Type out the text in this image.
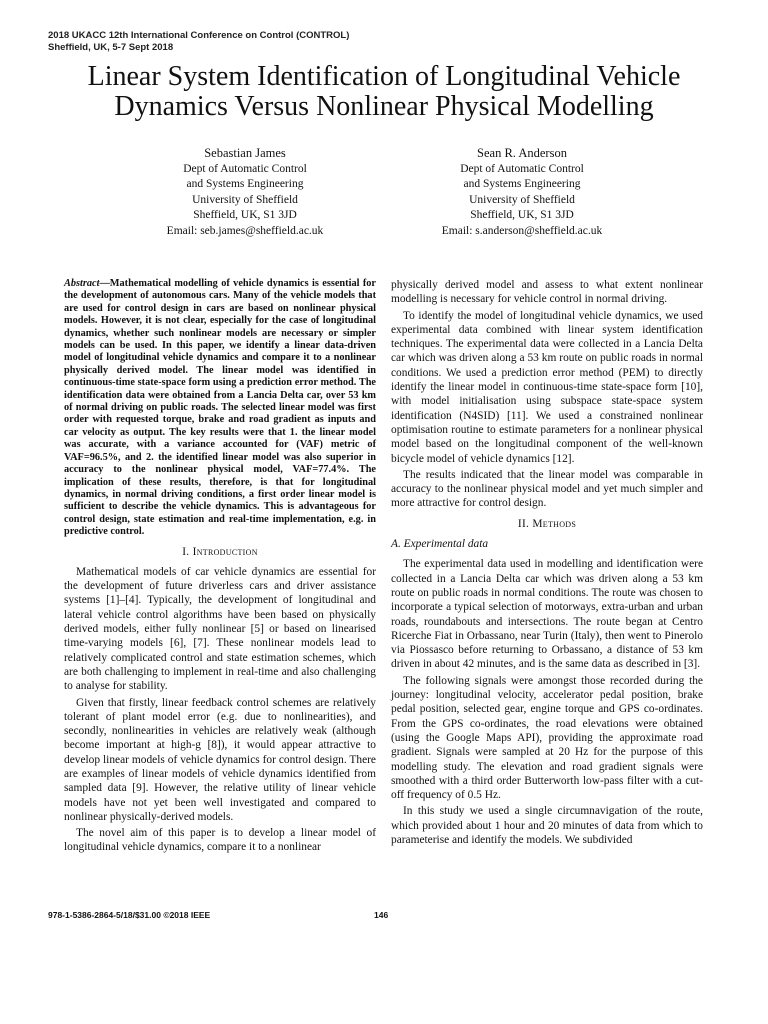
2018 UKACC 12th International Conference on Control (CONTROL)
Sheffield, UK, 5-7 Sept 2018
Linear System Identification of Longitudinal Vehicle
Dynamics Versus Nonlinear Physical Modelling
Sebastian James
Dept of Automatic Control
and Systems Engineering
University of Sheffield
Sheffield, UK, S1 3JD
Email: seb.james@sheffield.ac.uk
Sean R. Anderson
Dept of Automatic Control
and Systems Engineering
University of Sheffield
Sheffield, UK, S1 3JD
Email: s.anderson@sheffield.ac.uk

Abstract—Mathematical modelling of vehicle dynamics is essential for the development of autonomous cars. Many of the vehicle models that are used for control design in cars are based on nonlinear physical models. However, it is not clear, especially for the case of longitudinal dynamics, whether such nonlinear models are necessary or simpler models can be used. In this paper, we identify a linear data-driven model of longitudinal vehicle dynamics and compare it to a nonlinear physically derived model. The linear model was identified in continuous-time state-space form using a prediction error method. The identification data were obtained from a Lancia Delta car, over 53 km of normal driving on public roads. The selected linear model was first order with requested torque, brake and road gradient as inputs and car velocity as output. The key results were that 1. the linear model was accurate, with a variance accounted for (VAF) metric of VAF=96.5%, and 2. the identified linear model was also superior in accuracy to the nonlinear physical model, VAF=77.4%. The implication of these results, therefore, is that for longitudinal dynamics, in normal driving conditions, a first order linear model is sufficient to describe the vehicle dynamics. This is advantageous for control design, state estimation and real-time implementation, e.g. in predictive control.

I. Introduction

Mathematical models of car vehicle dynamics are essential for the development of future driverless cars and driver assistance systems [1]–[4]. Typically, the development of longitudinal and lateral vehicle control algorithms have been based on physically derived models, either fully nonlinear [5] or based on linearised time-varying models [6], [7]. These nonlinear models lead to relatively complicated control and state estimation schemes, which are both challenging to implement in real-time and also challenging to analyse for stability.

Given that firstly, linear feedback control schemes are relatively tolerant of plant model error (e.g. due to nonlinearities), and secondly, nonlinearities in vehicles are relatively weak (although become important at high-g [8]), it would appear attractive to develop linear models of vehicle dynamics for control design. There are examples of linear models of vehicle dynamics identified from sampled data [9]. However, the relative utility of linear vehicle models have not yet been well investigated and compared to nonlinear physically-derived models.

The novel aim of this paper is to develop a linear model of longitudinal vehicle dynamics, compare it to a nonlinear

physically derived model and assess to what extent nonlinear modelling is necessary for vehicle control in normal driving.

To identify the model of longitudinal vehicle dynamics, we used experimental data combined with linear system identification techniques. The experimental data were collected in a Lancia Delta car which was driven along a 53 km route on public roads in normal conditions. We used a prediction error method (PEM) to directly identify the linear model in continuous-time state-space form [10], with model initialisation using subspace state-space system identification (N4SID) [11]. We used a constrained nonlinear optimisation routine to estimate parameters for a nonlinear physical model based on the longitudinal component of the well-known bicycle model of vehicle dynamics [12].

The results indicated that the linear model was comparable in accuracy to the nonlinear physical model and yet much simpler and more attractive for control design.

II. Methods
A. Experimental data

The experimental data used in modelling and identification were collected in a Lancia Delta car which was driven along a 53 km route on public roads in normal conditions. The route was chosen to incorporate a typical selection of motorways, extra-urban and urban roads, roundabouts and intersections. The route began at Centro Ricerche Fiat in Orbassano, near Turin (Italy), then went to Pinerolo via Piossasco before returning to Orbassano, a distance of 53 km driven in about 42 minutes, and is the same data as described in [3].

The following signals were amongst those recorded during the journey: longitudinal velocity, accelerator pedal position, brake pedal position, selected gear, engine torque and GPS co-ordinates. From the GPS co-ordinates, the road elevations were obtained (using the Google Maps API), providing the approximate road gradient. Signals were sampled at 20 Hz for the purpose of this modelling study. The elevation and road gradient signals were smoothed with a third order Butterworth low-pass filter with a cut-off frequency of 0.5 Hz.

In this study we used a single circumnavigation of the route, which provided about 1 hour and 20 minutes of data from which to parameterise and identify the models. We subdivided

978-1-5386-2864-5/18/$31.00 ©2018 IEEE	146
